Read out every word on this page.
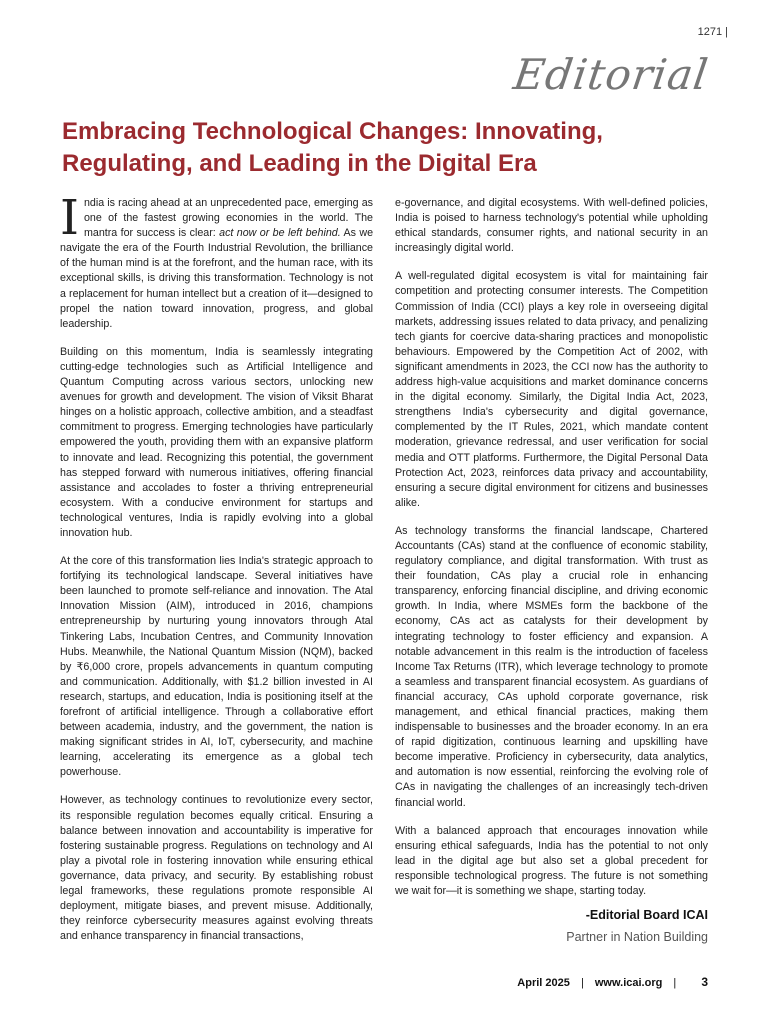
1271 |
Editorial
Embracing Technological Changes: Innovating, Regulating, and Leading in the Digital Era

India is racing ahead at an unprecedented pace, emerging as one of the fastest growing economies in the world. The mantra for success is clear: act now or be left behind. As we navigate the era of the Fourth Industrial Revolution, the brilliance of the human mind is at the forefront, and the human race, with its exceptional skills, is driving this transformation. Technology is not a replacement for human intellect but a creation of it—designed to propel the nation toward innovation, progress, and global leadership.

Building on this momentum, India is seamlessly integrating cutting-edge technologies such as Artificial Intelligence and Quantum Computing across various sectors, unlocking new avenues for growth and development. The vision of Viksit Bharat hinges on a holistic approach, collective ambition, and a steadfast commitment to progress. Emerging technologies have particularly empowered the youth, providing them with an expansive platform to innovate and lead. Recognizing this potential, the government has stepped forward with numerous initiatives, offering financial assistance and accolades to foster a thriving entrepreneurial ecosystem. With a conducive environment for startups and technological ventures, India is rapidly evolving into a global innovation hub.

At the core of this transformation lies India's strategic approach to fortifying its technological landscape. Several initiatives have been launched to promote self-reliance and innovation. The Atal Innovation Mission (AIM), introduced in 2016, champions entrepreneurship by nurturing young innovators through Atal Tinkering Labs, Incubation Centres, and Community Innovation Hubs. Meanwhile, the National Quantum Mission (NQM), backed by ₹6,000 crore, propels advancements in quantum computing and communication. Additionally, with $1.2 billion invested in AI research, startups, and education, India is positioning itself at the forefront of artificial intelligence. Through a collaborative effort between academia, industry, and the government, the nation is making significant strides in AI, IoT, cybersecurity, and machine learning, accelerating its emergence as a global tech powerhouse.

However, as technology continues to revolutionize every sector, its responsible regulation becomes equally critical. Ensuring a balance between innovation and accountability is imperative for fostering sustainable progress. Regulations on technology and AI play a pivotal role in fostering innovation while ensuring ethical governance, data privacy, and security. By establishing robust legal frameworks, these regulations promote responsible AI deployment, mitigate biases, and prevent misuse. Additionally, they reinforce cybersecurity measures against evolving threats and enhance transparency in financial transactions,

e-governance, and digital ecosystems. With well-defined policies, India is poised to harness technology's potential while upholding ethical standards, consumer rights, and national security in an increasingly digital world.

A well-regulated digital ecosystem is vital for maintaining fair competition and protecting consumer interests. The Competition Commission of India (CCI) plays a key role in overseeing digital markets, addressing issues related to data privacy, and penalizing tech giants for coercive data-sharing practices and monopolistic behaviours. Empowered by the Competition Act of 2002, with significant amendments in 2023, the CCI now has the authority to address high-value acquisitions and market dominance concerns in the digital economy. Similarly, the Digital India Act, 2023, strengthens India's cybersecurity and digital governance, complemented by the IT Rules, 2021, which mandate content moderation, grievance redressal, and user verification for social media and OTT platforms. Furthermore, the Digital Personal Data Protection Act, 2023, reinforces data privacy and accountability, ensuring a secure digital environment for citizens and businesses alike.

As technology transforms the financial landscape, Chartered Accountants (CAs) stand at the confluence of economic stability, regulatory compliance, and digital transformation. With trust as their foundation, CAs play a crucial role in enhancing transparency, enforcing financial discipline, and driving economic growth. In India, where MSMEs form the backbone of the economy, CAs act as catalysts for their development by integrating technology to foster efficiency and expansion. A notable advancement in this realm is the introduction of faceless Income Tax Returns (ITR), which leverage technology to promote a seamless and transparent financial ecosystem. As guardians of financial accuracy, CAs uphold corporate governance, risk management, and ethical financial practices, making them indispensable to businesses and the broader economy. In an era of rapid digitization, continuous learning and upskilling have become imperative. Proficiency in cybersecurity, data analytics, and automation is now essential, reinforcing the evolving role of CAs in navigating the challenges of an increasingly tech-driven financial world.

With a balanced approach that encourages innovation while ensuring ethical safeguards, India has the potential to not only lead in the digital age but also set a global precedent for responsible technological progress. The future is not something we wait for—it is something we shape, starting today.

-Editorial Board ICAI
Partner in Nation Building
April 2025 | www.icai.org | 3
